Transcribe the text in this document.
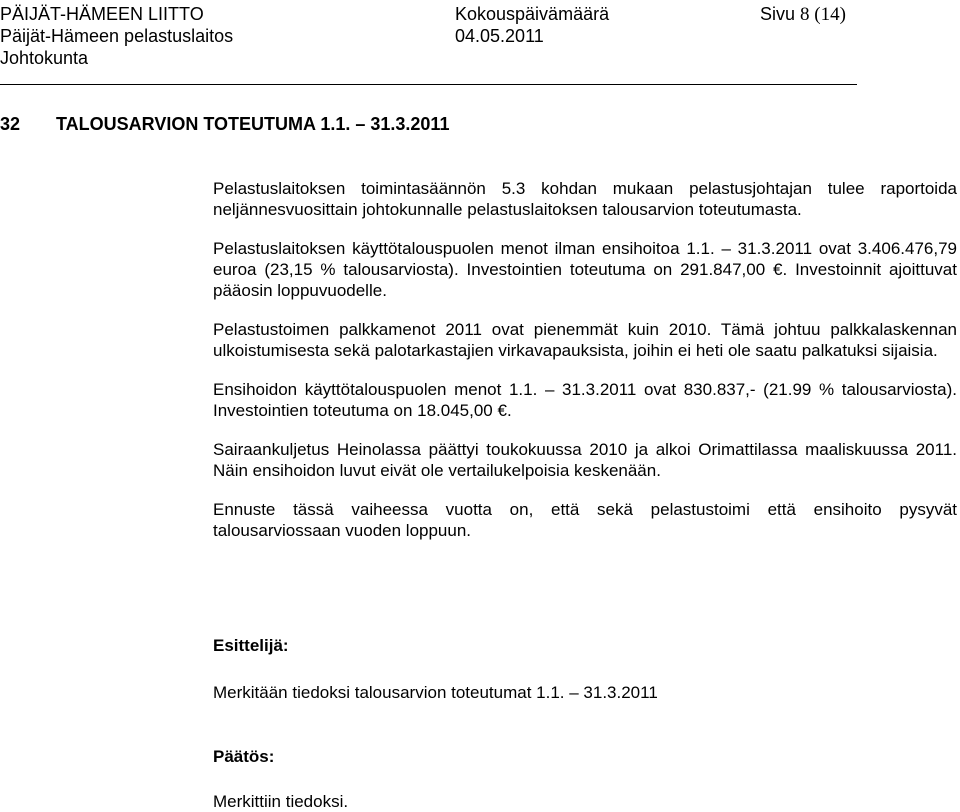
PÄIJÄT-HÄMEEN LIITTO
Päijät-Hämeen pelastuslaitos
Johtokunta
Kokouspäivämäärä
04.05.2011
Sivu 8 (14)
32 TALOUSARVION TOTEUTUMA 1.1. – 31.3.2011

Pelastuslaitoksen toimintasäännön 5.3 kohdan mukaan pelastusjohtajan tulee raportoida neljännesvuosittain johtokunnalle pelastuslaitoksen talousarvion toteutumasta.

Pelastuslaitoksen käyttötalouspuolen menot ilman ensihoitoa 1.1. – 31.3.2011 ovat 3.406.476,79 euroa (23,15 % talousarviosta). Investointien toteutuma on 291.847,00 €. Investoinnit ajoittuvat pääosin loppuvuodelle.

Pelastustoimen palkkamenot 2011 ovat pienemmät kuin 2010. Tämä johtuu palkkalaskennan ulkoistumisesta sekä palotarkastajien virkavapauksista, joihin ei heti ole saatu palkatuksi sijaisia.

Ensihoidon käyttötalouspuolen menot 1.1. – 31.3.2011 ovat 830.837,- (21.99 % talousarviosta). Investointien toteutuma on 18.045,00 €.

Sairaankuljetus Heinolassa päättyi toukokuussa 2010 ja alkoi Orimattilassa maaliskuussa 2011. Näin ensihoidon luvut eivät ole vertailukelpoisia keskenään.

Ennuste tässä vaiheessa vuotta on, että sekä pelastustoimi että ensihoito pysyvät talousarviossaan vuoden loppuun.

Esittelijä:
Merkitään tiedoksi talousarvion toteutumat 1.1. – 31.3.2011
Päätös:
Merkittiin tiedoksi.
